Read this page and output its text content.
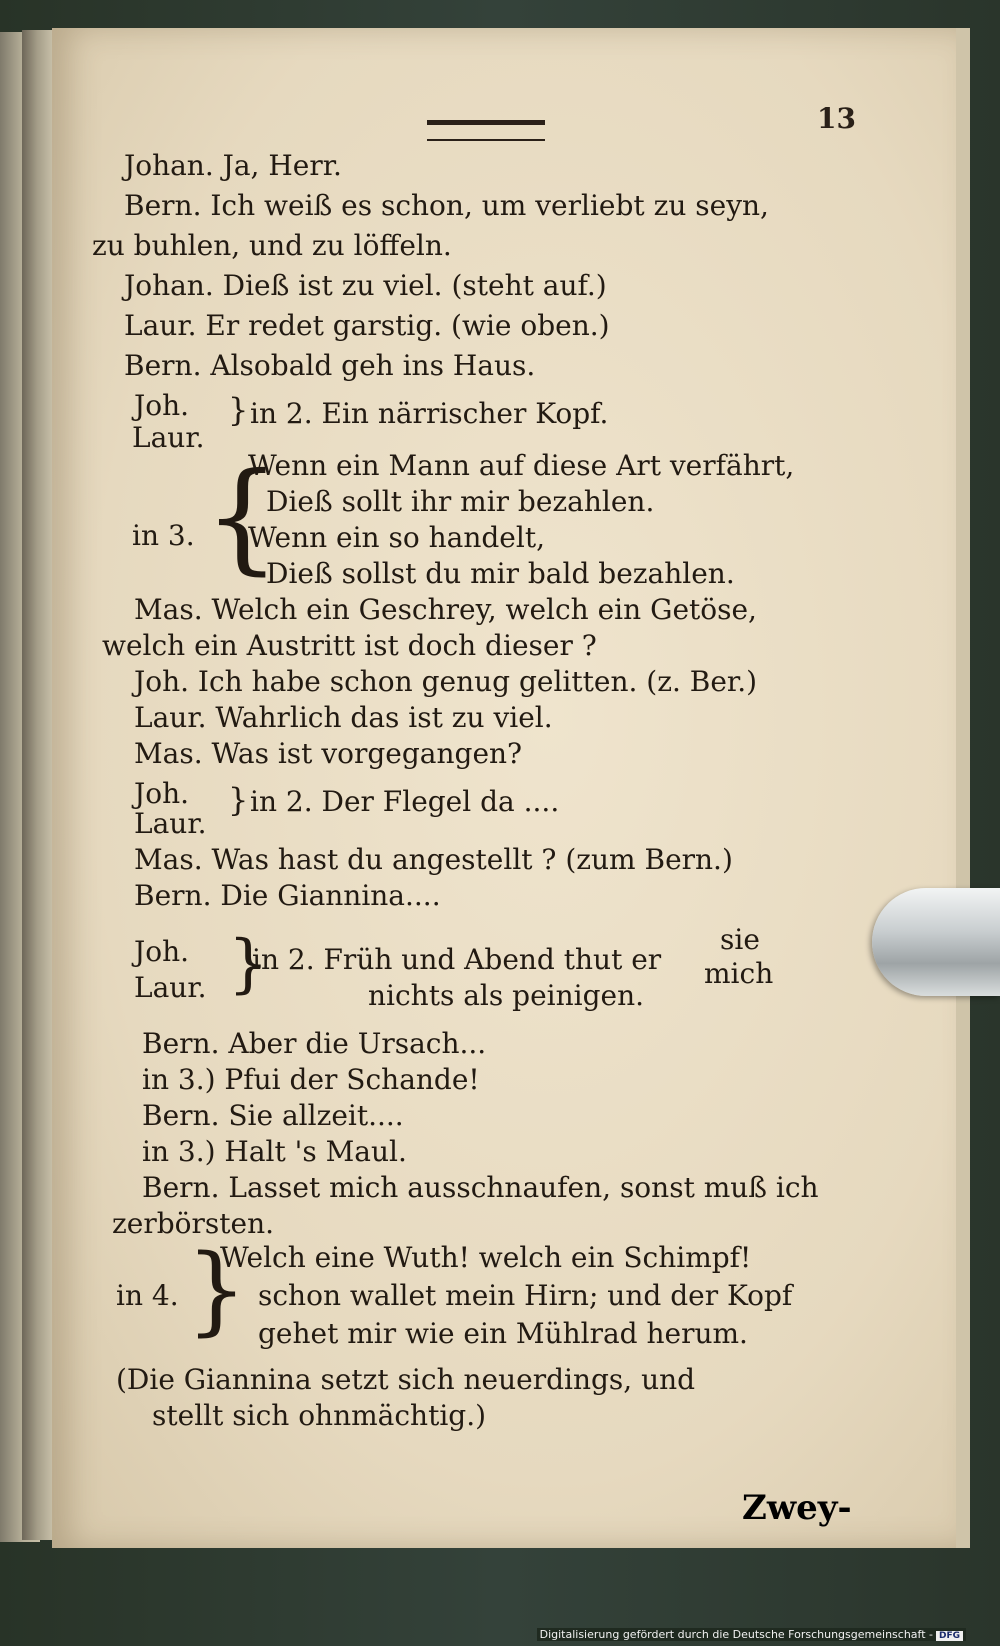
13
Johan. Ja, Herr.
Bern. Ich weiß es schon, um verliebt zu seyn,
zu buhlen, und zu löffeln.
Johan. Dieß ist zu viel. (steht auf.)
Laur. Er redet garstig. (wie oben.)
Bern. Alsobald geh ins Haus.
Joh.
Laur.
} in 2. Ein närrischer Kopf.
{
Wenn ein Mann auf diese Art verfährt,
Dieß sollt ihr mir bezahlen.
in 3. Wenn ein so handelt,
Dieß sollst du mir bald bezahlen.
Mas. Welch ein Geschrey, welch ein Getöse,
welch ein Austritt ist doch dieser ?
Joh. Ich habe schon genug gelitten. (z. Ber.)
Laur. Wahrlich das ist zu viel.
Mas. Was ist vorgegangen?
Joh.
Laur.
} in 2. Der Flegel da ....
Mas. Was hast du angestellt ? (zum Bern.)
Bern. Die Giannina....
Joh.
Laur. }
in 2. Früh und Abend thut er
sie
mich
nichts als peinigen.
Bern. Aber die Ursach...
in 3.) Pfui der Schande!
Bern. Sie allzeit....
in 3.) Halt 's Maul.
Bern. Lasset mich ausschnaufen, sonst muß ich
zerbörsten.
}
Welch eine Wuth! welch ein Schimpf!
in 4.	schon wallet mein Hirn; und der Kopf
gehet mir wie ein Mühlrad herum.
(Die Giannina setzt sich neuerdings, und
stellt sich ohnmächtig.)
Zwey-
Digitalisierung gefördert durch die Deutsche Forschungsgemeinschaft - DFG
